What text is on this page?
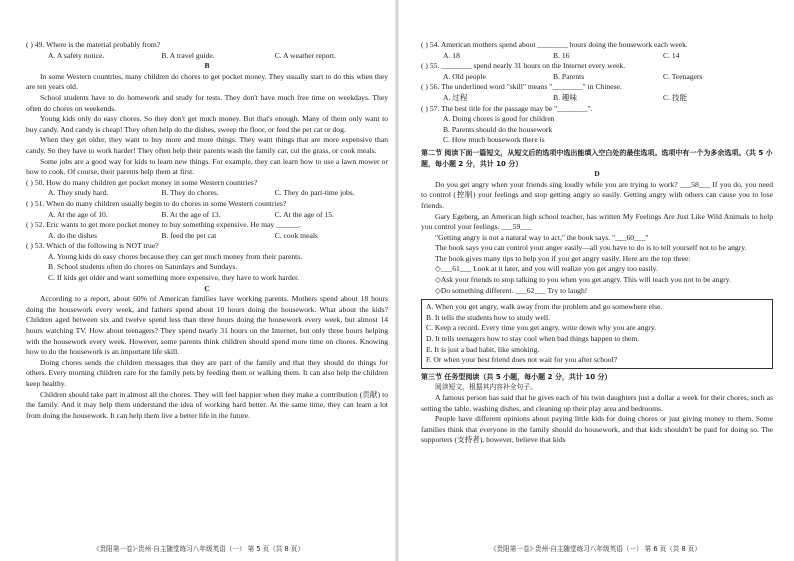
( ) 49. Where is the material probably from?

A. A safety notice.	B. A travel guide.	C. A weather report.

B

In some Western countries, many children do chores to get pocket money. They usually start to do this when they are ten years old.

School students have to do homework and study for tests. They don't have much free time on weekdays. They often do chores on weekends.

Young kids only do easy chores. So they don't get much money. But that's enough. Many of them only want to buy candy. And candy is cheap! They often help do the dishes, sweep the floor, or feed the pet cat or dog.

When they get older, they want to buy more and more things. They want things that are more expensive than candy. So they have to work harder! They often help their parents wash the family car, cut the grass, or cook meals.

Some jobs are a good way for kids to learn new things. For example, they can learn how to use a lawn mower or how to cook. Of course, their parents help them at first.

( ) 50. How do many children get pocket money in some Western countries?

A. They study hard.	B. They do chores.	C. They do part-time jobs.

( ) 51. When do many children usually begin to do chores in some Western countries?

A. At the age of 10.	B. At the age of 13.	C. At the age of 15.

( ) 52. Eric wants to get more pocket money to buy something expensive. He may ______.

A. do the dishes	B. feed the pet cat	C. cook meals

( ) 53. Which of the following is NOT true?

A. Young kids do easy chores because they can get much money from their parents.

B. School students often do chores on Saturdays and Sundays.

C. If kids get older and want something more expensive, they have to work harder.

C

According to a report, about 60% of American families have working parents. Mothers spend about 18 hours doing the housework every week, and fathers spend about 10 hours doing the housework. What about the kids? Children aged between six and twelve spend less than three hours doing the housework every week, but almost 14 hours watching TV. How about teenagers? They spend nearly 31 hours on the Internet, but only three hours helping with the housework every week. However, some parents think children should spend more time on chores. Knowing how to do the housework is an important life skill.

Doing chores sends the children messages that they are part of the family and that they should do things for others. Every morning children care for the family pets by feeding them or walking them. It can also help the children keep healthy.

Children should take part in almost all the chores. They will feel happier when they make a contribution (贡献) to the family. And it may help them understand the idea of working hard better. At the same time, they can learn a lot from doing the housework. It can help them live a better life in the future.

《贵阳第一卷》·贵州·自主随堂练习八年级英语（一） 第 5 页（共 8 页）

( ) 54. American mothers spend about ________ hours doing the housework each week.

A. 18	B. 16	C. 14

( ) 55. ________ spend nearly 31 hours on the Internet every week.

A. Old people	B. Parents	C. Teenagers

( ) 56. The underlined word "skill" means "________" in Chinese.

A. 过程	B. 趣味	C. 技能

( ) 57. The best title for the passage may be "________".

A. Doing chores is good for children

B. Parents should do the housework

C. How much housework there is

第二节 阅读下面一篇短文，从短文后的选项中选出能填入空白处的最佳选项。选项中有一个为多余选项。（共 5 小题，每小题 2 分，共计 10 分）

D

Do you get angry when your friends sing loudly while you are trying to work? ___58___ If you do, you need to control (控制) your feelings and stop getting angry so easily. Getting angry with others can cause you to lose friends.

Gary Egeberg, an American high school teacher, has written My Feelings Are Just Like Wild Animals to help you control your feelings. ___59___

"Getting angry is not a natural way to act," the book says. "___60___"

The book says you can control your anger easily—all you have to do is to tell yourself not to be angry.

The book gives many tips to help you if you get angry easily. Here are the top three:

◇___61___ Look at it later, and you will realize you get angry too easily.

◇Ask your friends to stop talking to you when you get angry. This will teach you not to be angry.

◇Do something different. ___62___ Try to laugh!

A. When you get angry, walk away from the problem and go somewhere else.

B. It tells the students how to study well.

C. Keep a record. Every time you get angry, write down why you are angry.

D. It tells teenagers how to stay cool when bad things happen to them.

E. It is just a bad habit, like smoking.

F. Or when your best friend does not wait for you after school?

第三节 任务型阅读（共 5 小题，每小题 2 分，共计 10 分）

阅读短文，根据其内容补全句子。

A famous person has said that he gives each of his twin daughters just a dollar a week for their chores, such as setting the table, washing dishes, and cleaning up their play area and bedrooms.

People have different opinions about paying little kids for doing chores or just giving money to them. Some families think that everyone in the family should do housework, and that kids shouldn't be paid for doing so. The supporters (支持者), however, believe that kids

《贵阳第一卷》·贵州·自主随堂练习八年级英语（一） 第 6 页（共 8 页）
